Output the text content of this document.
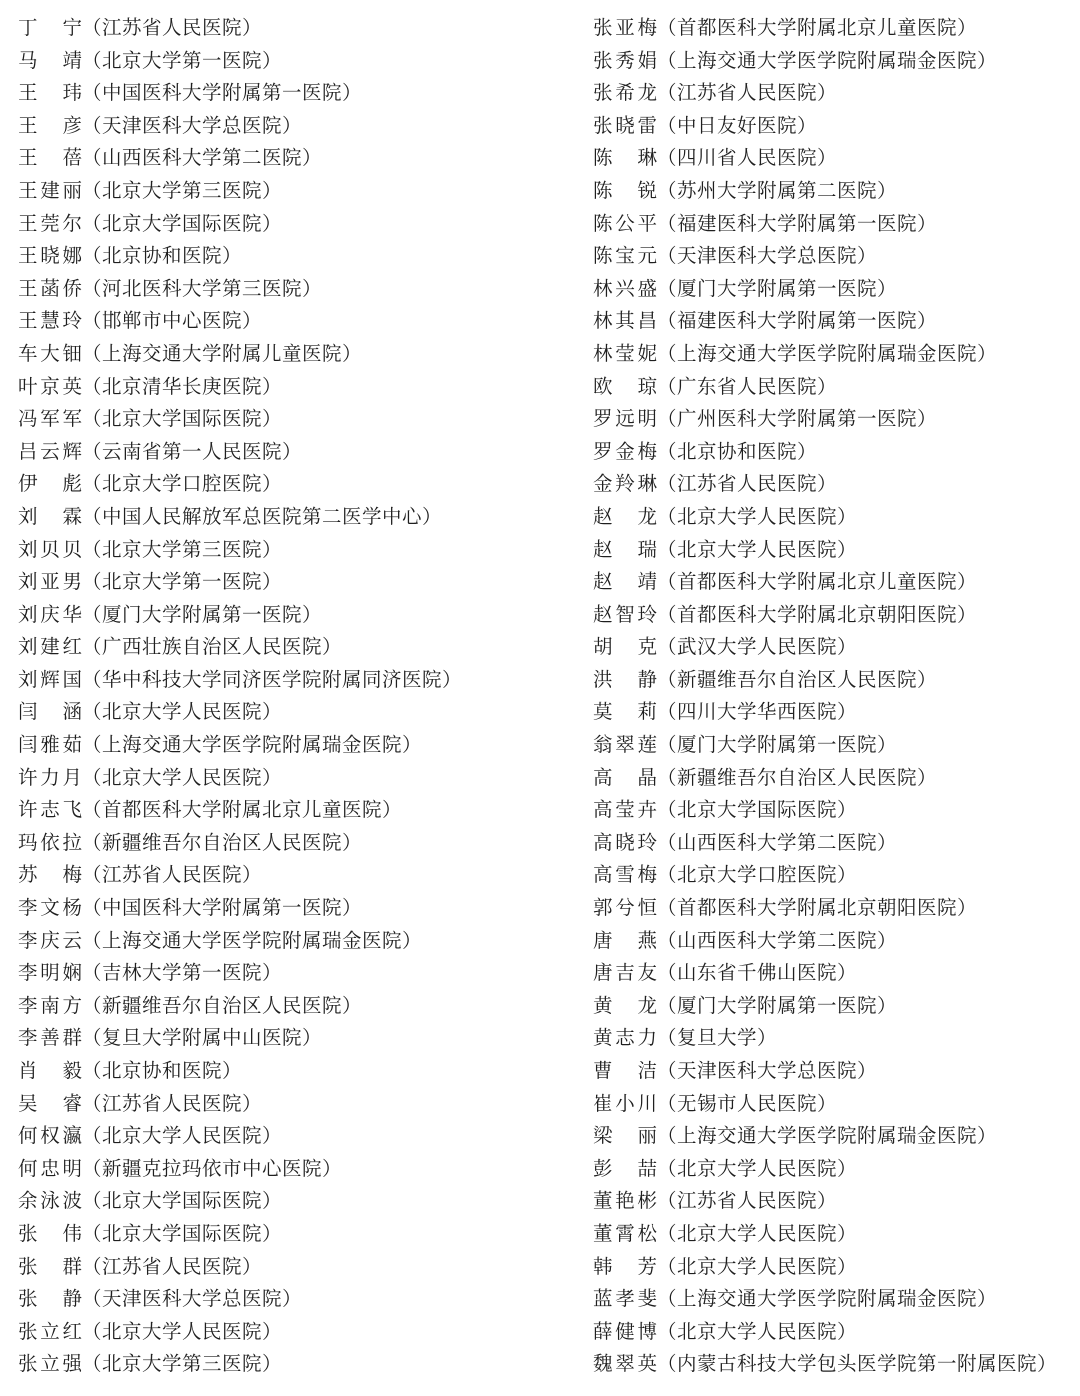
丁宁（江苏省人民医院）
马靖（北京大学第一医院）
王玮（中国医科大学附属第一医院）
王彦（天津医科大学总医院）
王蓓（山西医科大学第二医院）
王建丽（北京大学第三医院）
王莞尔（北京大学国际医院）
王晓娜（北京协和医院）
王菡侨（河北医科大学第三医院）
王慧玲（邯郸市中心医院）
车大钿（上海交通大学附属儿童医院）
叶京英（北京清华长庚医院）
冯军军（北京大学国际医院）
吕云辉（云南省第一人民医院）
伊彪（北京大学口腔医院）
刘霖（中国人民解放军总医院第二医学中心）
刘贝贝（北京大学第三医院）
刘亚男（北京大学第一医院）
刘庆华（厦门大学附属第一医院）
刘建红（广西壮族自治区人民医院）
刘辉国（华中科技大学同济医学院附属同济医院）
闫涵（北京大学人民医院）
闫雅茹（上海交通大学医学院附属瑞金医院）
许力月（北京大学人民医院）
许志飞（首都医科大学附属北京儿童医院）
玛依拉（新疆维吾尔自治区人民医院）
苏梅（江苏省人民医院）
李文杨（中国医科大学附属第一医院）
李庆云（上海交通大学医学院附属瑞金医院）
李明娴（吉林大学第一医院）
李南方（新疆维吾尔自治区人民医院）
李善群（复旦大学附属中山医院）
肖毅（北京协和医院）
吴睿（江苏省人民医院）
何权瀛（北京大学人民医院）
何忠明（新疆克拉玛依市中心医院）
余泳波（北京大学国际医院）
张伟（北京大学国际医院）
张群（江苏省人民医院）
张静（天津医科大学总医院）
张立红（北京大学人民医院）
张立强（北京大学第三医院）
张亚梅（首都医科大学附属北京儿童医院）
张秀娟（上海交通大学医学院附属瑞金医院）
张希龙（江苏省人民医院）
张晓雷（中日友好医院）
陈琳（四川省人民医院）
陈锐（苏州大学附属第二医院）
陈公平（福建医科大学附属第一医院）
陈宝元（天津医科大学总医院）
林兴盛（厦门大学附属第一医院）
林其昌（福建医科大学附属第一医院）
林莹妮（上海交通大学医学院附属瑞金医院）
欧琼（广东省人民医院）
罗远明（广州医科大学附属第一医院）
罗金梅（北京协和医院）
金羚琳（江苏省人民医院）
赵龙（北京大学人民医院）
赵瑞（北京大学人民医院）
赵靖（首都医科大学附属北京儿童医院）
赵智玲（首都医科大学附属北京朝阳医院）
胡克（武汉大学人民医院）
洪静（新疆维吾尔自治区人民医院）
莫莉（四川大学华西医院）
翁翠莲（厦门大学附属第一医院）
高晶（新疆维吾尔自治区人民医院）
高莹卉（北京大学国际医院）
高晓玲（山西医科大学第二医院）
高雪梅（北京大学口腔医院）
郭兮恒（首都医科大学附属北京朝阳医院）
唐燕（山西医科大学第二医院）
唐吉友（山东省千佛山医院）
黄龙（厦门大学附属第一医院）
黄志力（复旦大学）
曹洁（天津医科大学总医院）
崔小川（无锡市人民医院）
梁丽（上海交通大学医学院附属瑞金医院）
彭喆（北京大学人民医院）
董艳彬（江苏省人民医院）
董霄松（北京大学人民医院）
韩芳（北京大学人民医院）
蓝孝斐（上海交通大学医学院附属瑞金医院）
薛健博（北京大学人民医院）
魏翠英（内蒙古科技大学包头医学院第一附属医院）
